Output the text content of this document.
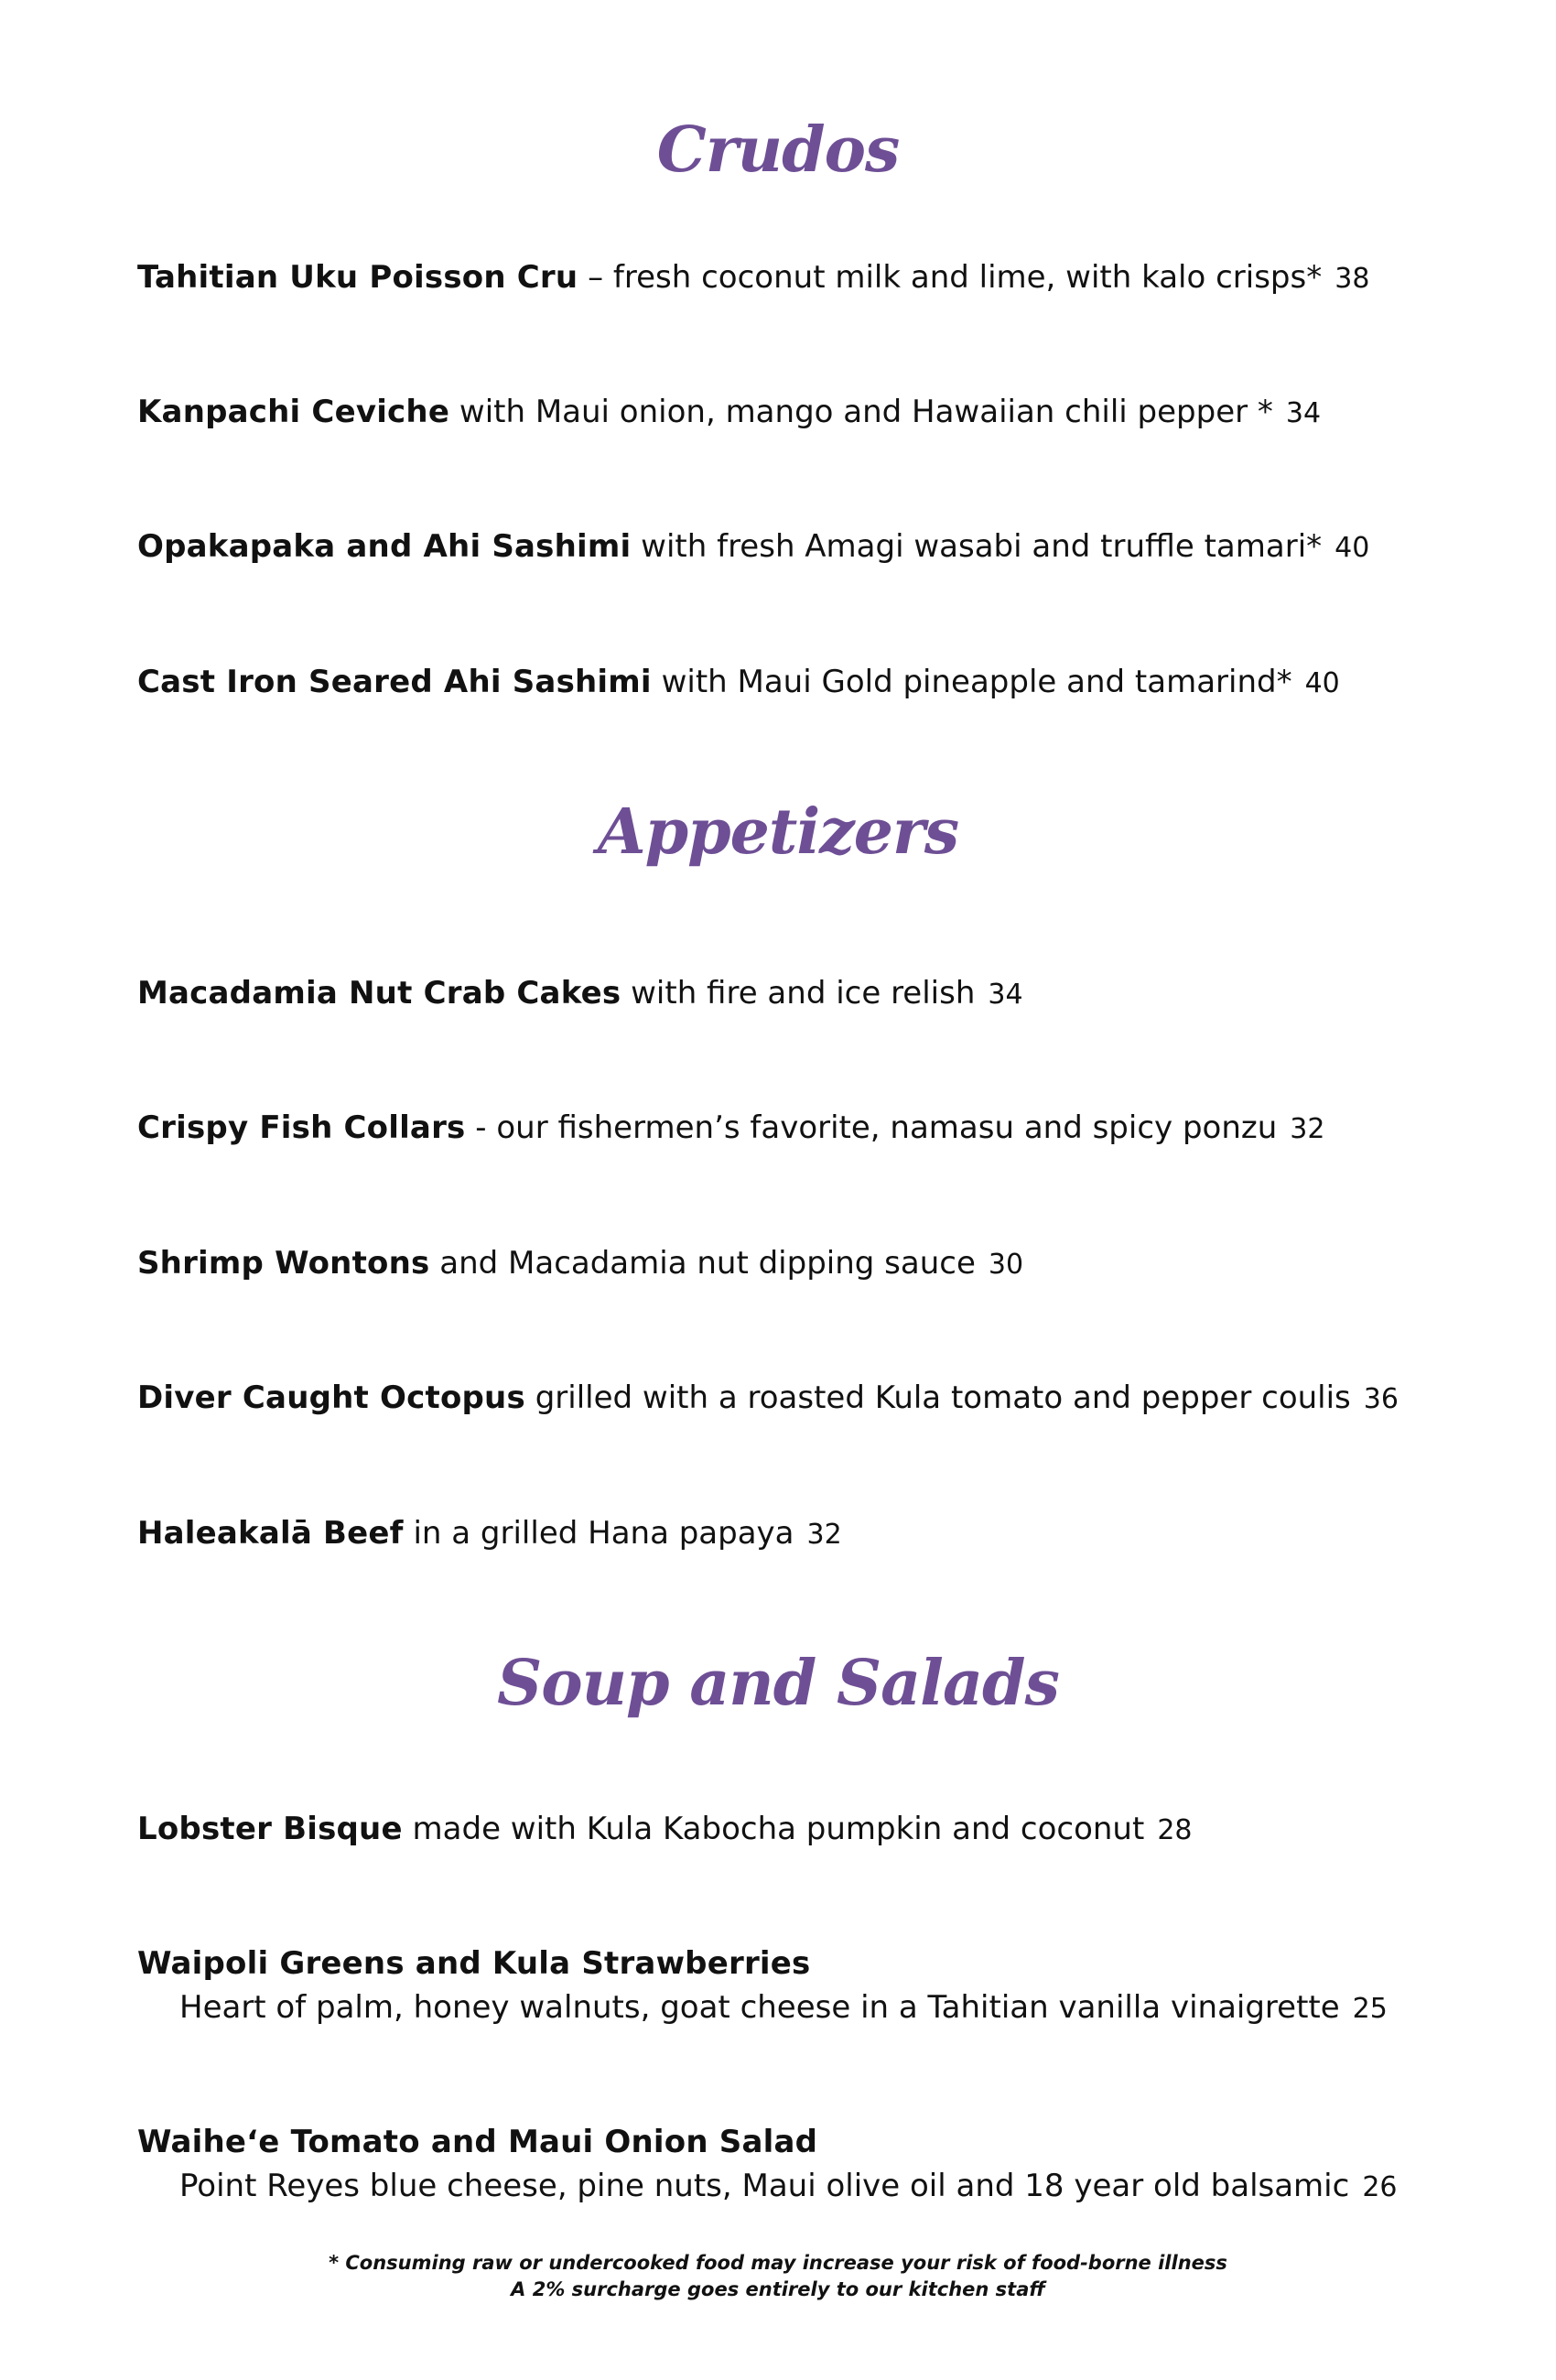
Crudos

Tahitian Uku Poisson Cru – fresh coconut milk and lime, with kalo crisps* 38

Kanpachi Ceviche with Maui onion, mango and Hawaiian chili pepper * 34

Opakapaka and Ahi Sashimi with fresh Amagi wasabi and truffle tamari* 40

Cast Iron Seared Ahi Sashimi with Maui Gold pineapple and tamarind* 40

Appetizers

Macadamia Nut Crab Cakes with fire and ice relish 34

Crispy Fish Collars - our fishermen’s favorite, namasu and spicy ponzu 32

Shrimp Wontons and Macadamia nut dipping sauce 30

Diver Caught Octopus grilled with a roasted Kula tomato and pepper coulis 36

Haleakalā Beef in a grilled Hana papaya 32

Soup and Salads

Lobster Bisque made with Kula Kabocha pumpkin and coconut 28

Waipoli Greens and Kula Strawberries

Heart of palm, honey walnuts, goat cheese in a Tahitian vanilla vinaigrette 25

Waihe‘e Tomato and Maui Onion Salad

Point Reyes blue cheese, pine nuts, Maui olive oil and 18 year old balsamic 26

* Consuming raw or undercooked food may increase your risk of food-borne illness
A 2% surcharge goes entirely to our kitchen staff
